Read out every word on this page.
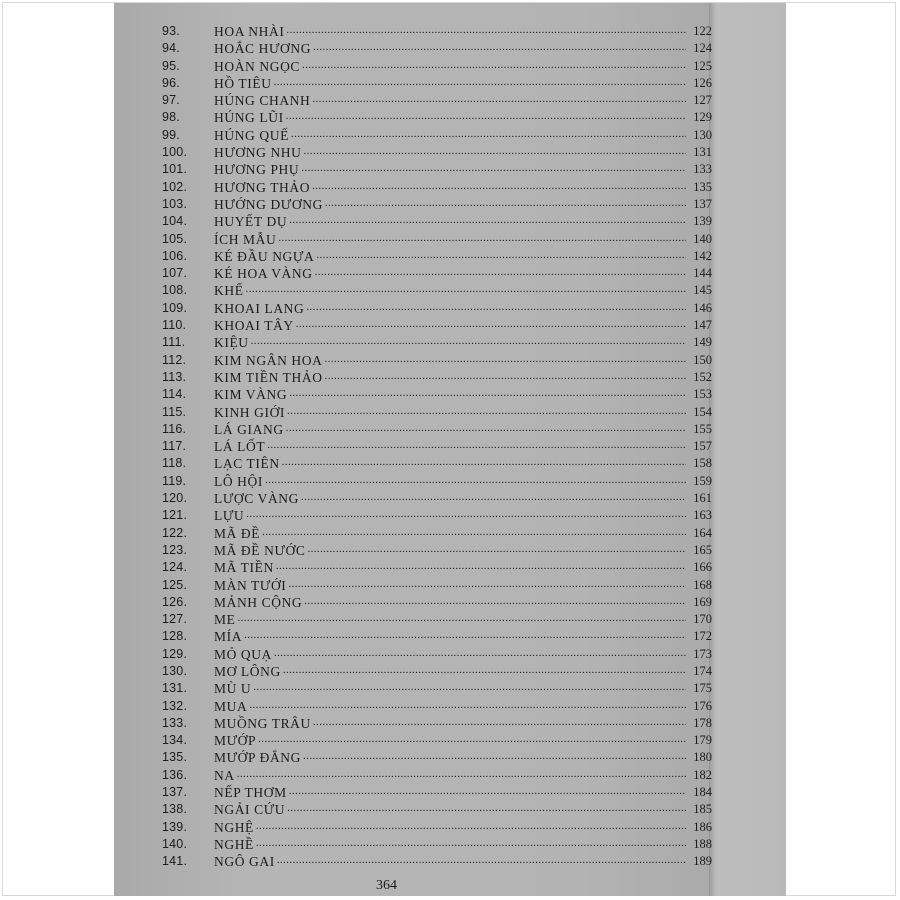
93.	HOA NHÀI .....	122
94.	HOẮC HƯƠNG .....	124
95.	HOÀN NGỌC .....	125
96.	HỒ TIÊU .....	126
97.	HÚNG CHANH .....	127
98.	HÚNG LŨI .....	129
99.	HÚNG QUẾ .....	130
100.	HƯƠNG NHU .....	131
101.	HƯƠNG PHỤ .....	133
102.	HƯƠNG THẢO .....	135
103.	HƯỚNG DƯƠNG .....	137
104.	HUYẾT DỤ .....	139
105.	ÍCH MẪU .....	140
106.	KÉ ĐẦU NGỰA .....	142
107.	KÉ HOA VÀNG .....	144
108.	KHẾ .....	145
109.	KHOAI LANG .....	146
110.	KHOAI TÂY .....	147
111.	KIỆU .....	149
112.	KIM NGÂN HOA .....	150
113.	KIM TIỀN THẢO .....	152
114.	KIM VÀNG .....	153
115.	KINH GIỚI .....	154
116.	LÁ GIANG .....	155
117.	LÁ LỐT .....	157
118.	LẠC TIÊN .....	158
119.	LÔ HỘI .....	159
120.	LƯỢC VÀNG .....	161
121.	LỰU .....	163
122.	MÃ ĐỀ .....	164
123.	MÃ ĐỀ NƯỚC .....	165
124.	MÃ TIỀN .....	166
125.	MÀN TƯỚI .....	168
126.	MẢNH CỘNG .....	169
127.	ME .....	170
128.	MÍA .....	172
129.	MỎ QUẠ .....	173
130.	MƠ LÔNG .....	174
131.	MÙ U .....	175
132.	MUA .....	176
133.	MUỒNG TRÂU .....	178
134.	MƯỚP .....	179
135.	MƯỚP ĐẮNG .....	180
136.	NA .....	182
137.	NẾP THƠM .....	184
138.	NGẢI CỨU .....	185
139.	NGHỆ .....	186
140.	NGHỀ .....	188
141.	NGÔ GAI .....	189
364
